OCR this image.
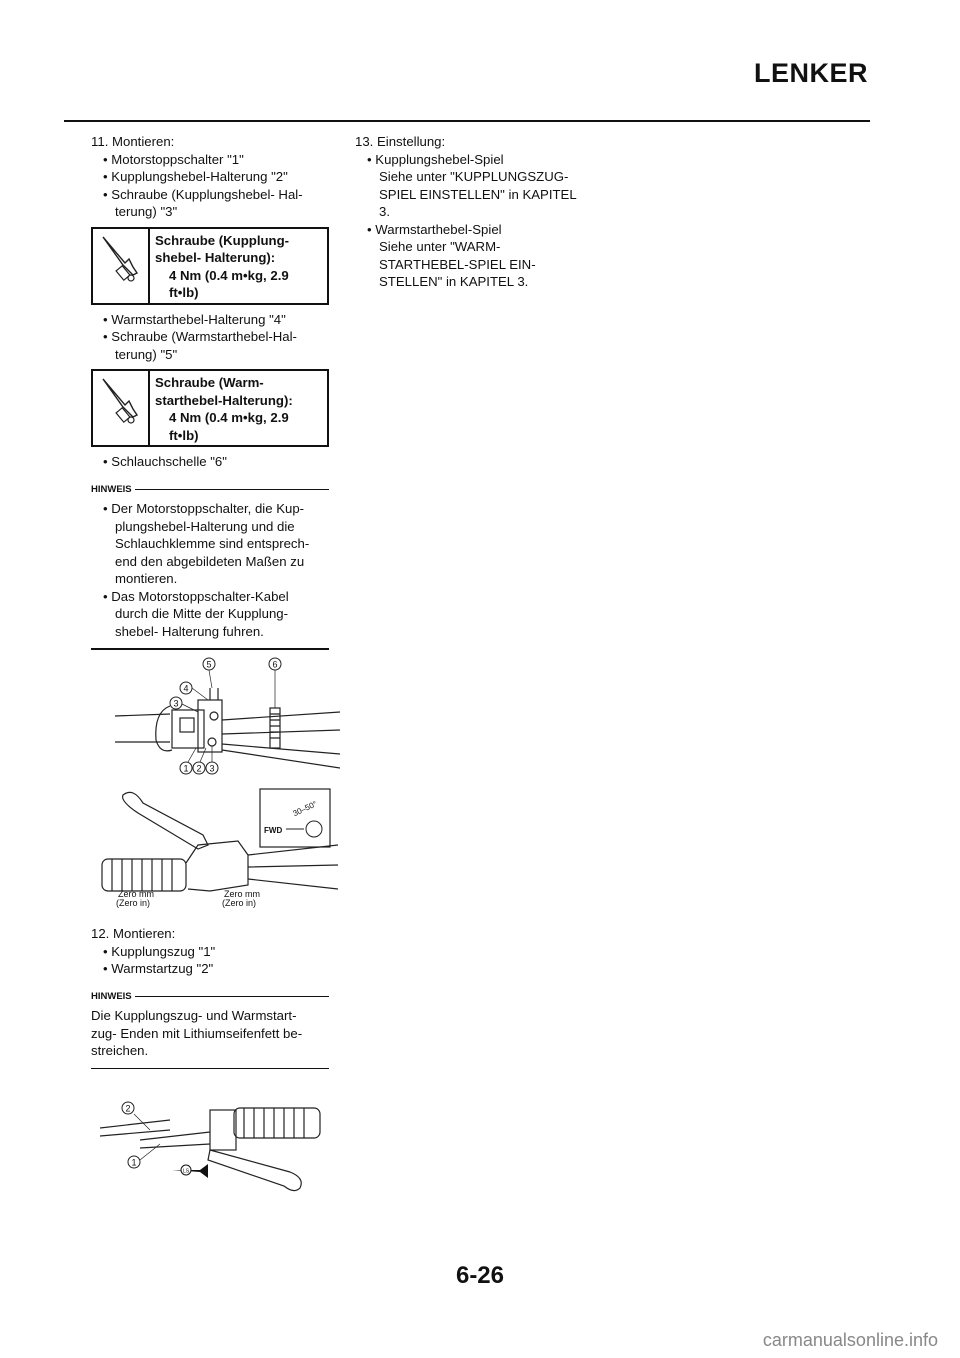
LENKER

11. Montieren:

• Motorstoppschalter "1"

• Kupplungshebel-Halterung "2"

• Schraube (Kupplungshebel- Hal-

terung) "3"

Schraube (Kupplung-
shebel- Halterung):
4 Nm (0.4 m•kg, 2.9
ft•lb)

• Warmstarthebel-Halterung "4"

• Schraube (Warmstarthebel-Hal-

terung) "5"

Schraube (Warm-
starthebel-Halterung):
4 Nm (0.4 m•kg, 2.9
ft•lb)

• Schlauchschelle "6"

HINWEIS

• Der Motorstoppschalter, die Kup-

plungshebel-Halterung und die

Schlauchklemme sind entsprech-

end den abgebildeten Maßen zu

montieren.

• Das Motorstoppschalter-Kabel

durch die Mitte der Kupplung-

shebel- Halterung fuhren.

5	6
4
3
1 2 3
30–50°
FWD
Zero mm
(Zero in)
Zero mm
(Zero in)

12. Montieren:

• Kupplungszug "1"

• Warmstartzug "2"

HINWEIS

Die Kupplungszug- und Warmstart-

zug- Enden mit Lithiumseifenfett be-

streichen.

2
1
LS

13. Einstellung:

• Kupplungshebel-Spiel

Siehe unter "KUPPLUNGSZUG-

SPIEL EINSTELLEN" in KAPITEL

3.

• Warmstarthebel-Spiel

Siehe unter "WARM-

STARTHEBEL-SPIEL EIN-

STELLEN" in KAPITEL 3.

6-26
carmanualsonline.info
